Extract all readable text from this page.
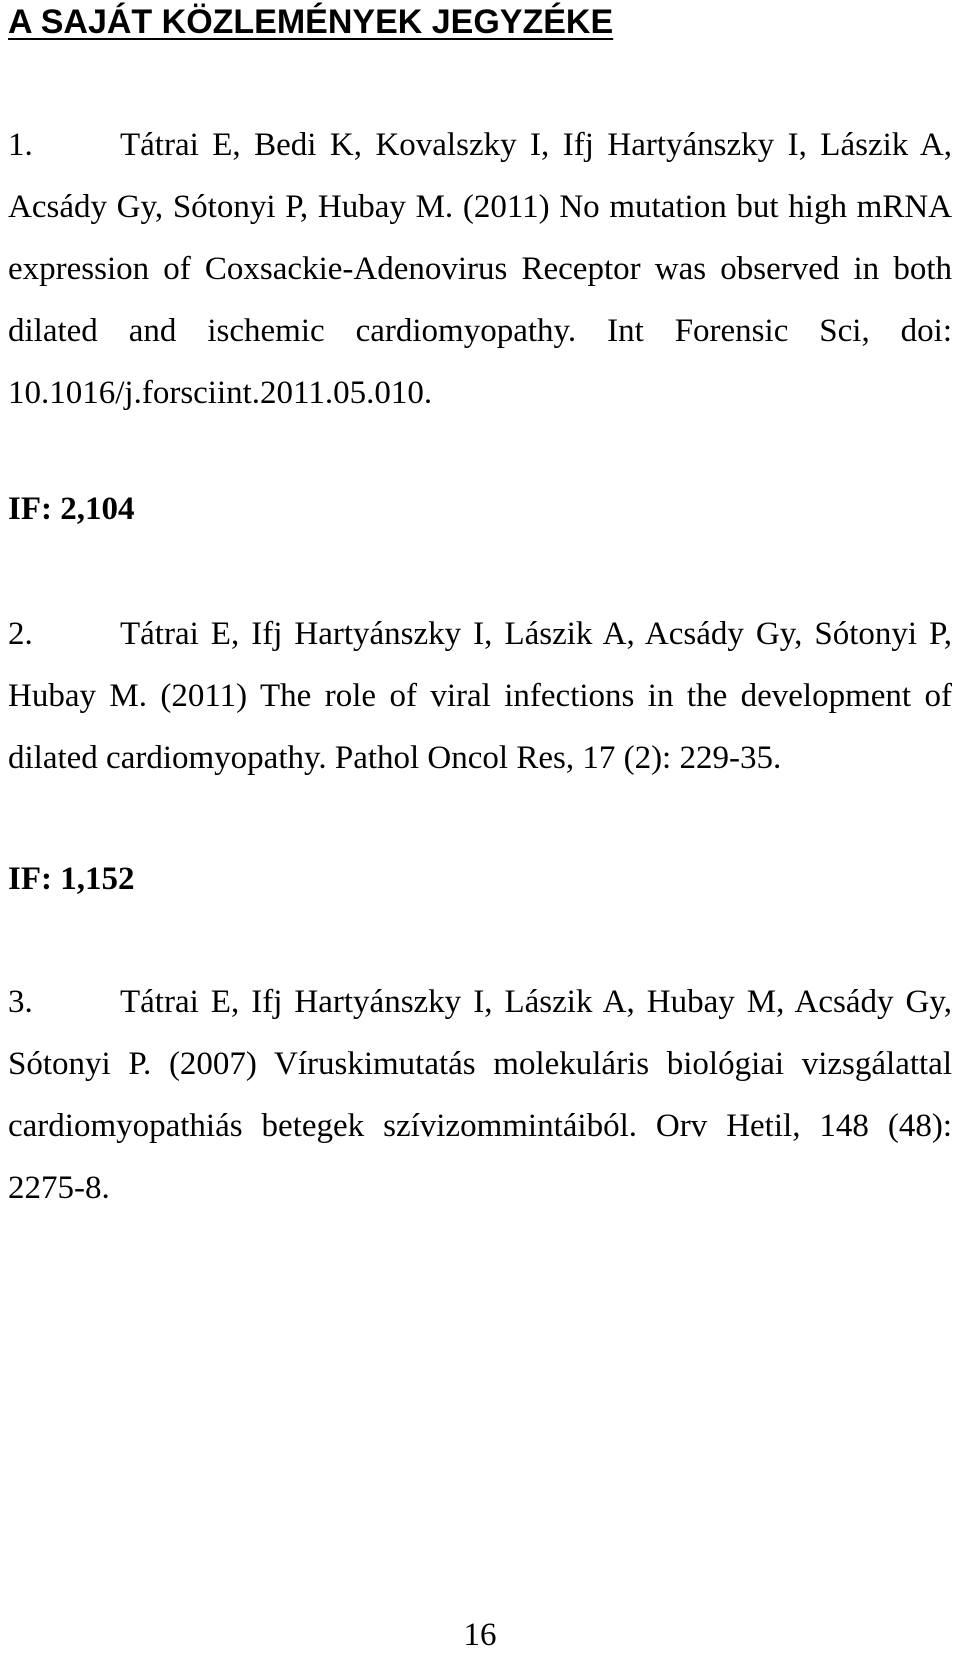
A SAJÁT KÖZLEMÉNYEK JEGYZÉKE

1.	Tátrai E, Bedi K, Kovalszky I, Ifj Hartyánszky I, Lászik A, Acsády Gy, Sótonyi P, Hubay M. (2011) No mutation but high mRNA expression of Coxsackie-Adenovirus Receptor was observed in both dilated and ischemic cardiomyopathy. Int Forensic Sci, doi: 10.1016/j.forsciint.2011.05.010.

IF: 2,104

2.	Tátrai E, Ifj Hartyánszky I, Lászik A, Acsády Gy, Sótonyi P, Hubay M. (2011) The role of viral infections in the development of dilated cardiomyopathy. Pathol Oncol Res, 17 (2): 229-35.

IF: 1,152

3.	Tátrai E, Ifj Hartyánszky I, Lászik A, Hubay M, Acsády Gy, Sótonyi P. (2007) Víruskimutatás molekuláris biológiai vizsgálattal cardiomyopathiás betegek szívizommintáiból. Orv Hetil, 148 (48): 2275-8.

16
